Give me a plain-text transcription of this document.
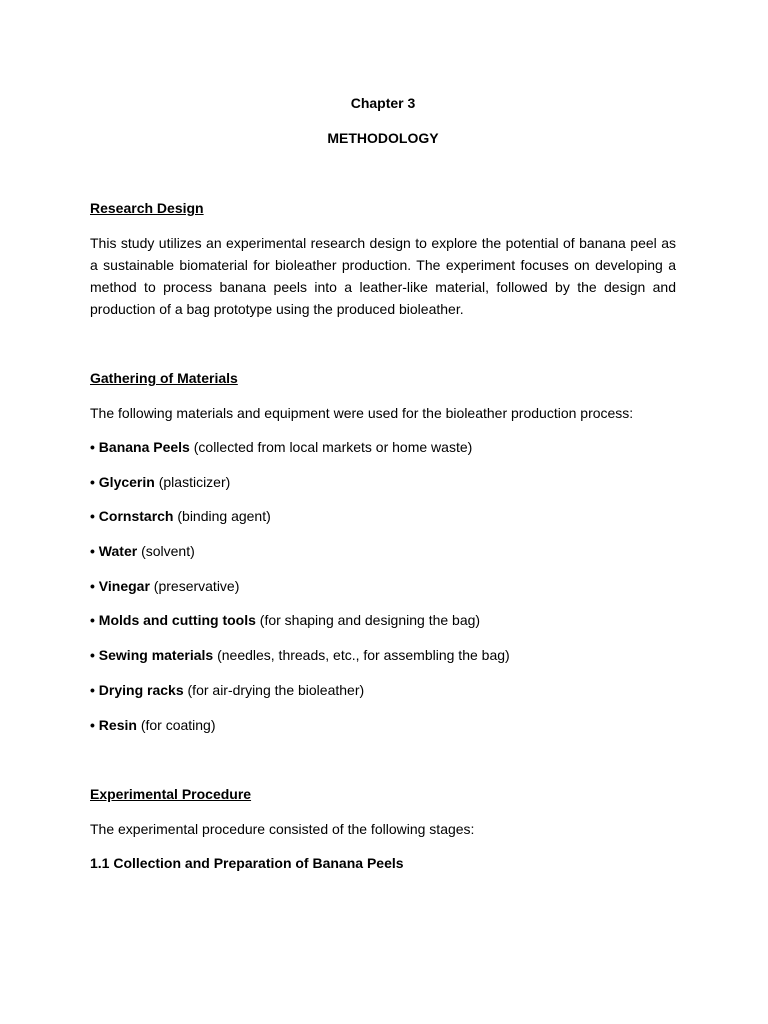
Chapter 3
METHODOLOGY
Research Design
This study utilizes an experimental research design to explore the potential of banana peel as a sustainable biomaterial for bioleather production. The experiment focuses on developing a method to process banana peels into a leather-like material, followed by the design and production of a bag prototype using the produced bioleather.
Gathering of Materials
The following materials and equipment were used for the bioleather production process:
• Banana Peels (collected from local markets or home waste)
• Glycerin (plasticizer)
• Cornstarch (binding agent)
• Water (solvent)
• Vinegar (preservative)
• Molds and cutting tools (for shaping and designing the bag)
• Sewing materials (needles, threads, etc., for assembling the bag)
• Drying racks (for air-drying the bioleather)
• Resin (for coating)
Experimental Procedure
The experimental procedure consisted of the following stages:
1.1 Collection and Preparation of Banana Peels
